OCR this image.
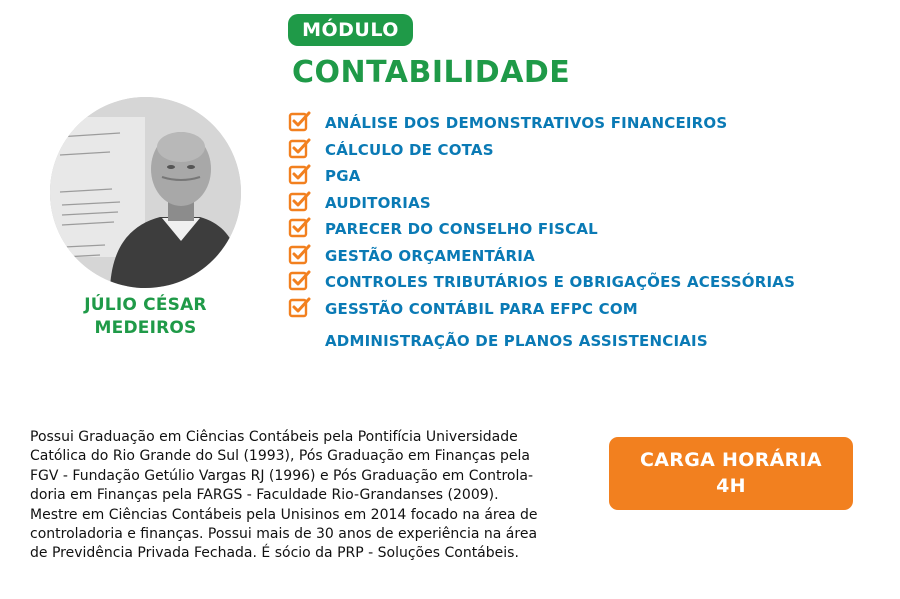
MÓDULO
CONTABILIDADE
JÚLIO CÉSAR
MEDEIROS
ANÁLISE DOS DEMONSTRATIVOS FINANCEIROS
CÁLCULO DE COTAS
PGA
AUDITORIAS
PARECER DO CONSELHO FISCAL
GESTÃO ORÇAMENTÁRIA
CONTROLES TRIBUTÁRIOS E OBRIGAÇÕES ACESSÓRIAS
GESSTÃO CONTÁBIL PARA EFPC COM
ADMINISTRAÇÃO DE PLANOS ASSISTENCIAIS

Possui Graduação em Ciências Contábeis pela Pontifícia Universidade
Católica do Rio Grande do Sul (1993), Pós Graduação em Finanças pela
FGV - Fundação Getúlio Vargas RJ (1996) e Pós Graduação em Controla-
doria em Finanças pela FARGS - Faculdade Rio-Grandanses (2009).
Mestre em Ciências Contábeis pela Unisinos em 2014 focado na área de
controladoria e finanças. Possui mais de 30 anos de experiência na área
de Previdência Privada Fechada. É sócio da PRP - Soluções Contábeis.

CARGA HORÁRIA
4H
